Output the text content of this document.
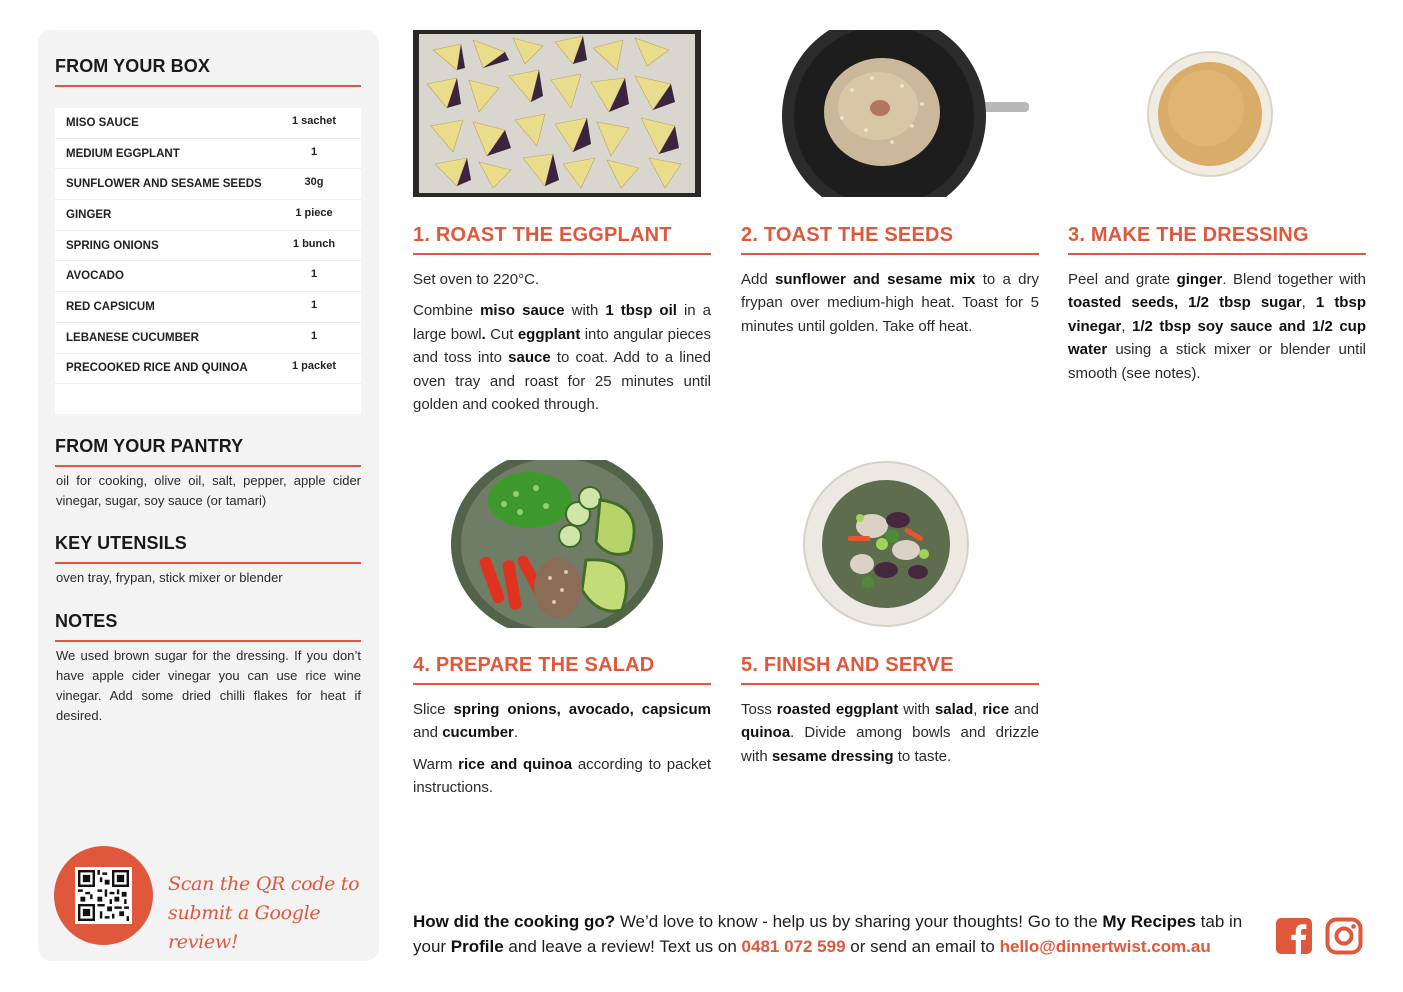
FROM YOUR BOX
MISO SAUCE	1 sachet
MEDIUM EGGPLANT	1
SUNFLOWER AND SESAME SEEDS	30g
GINGER	1 piece
SPRING ONIONS	1 bunch
AVOCADO	1
RED CAPSICUM	1
LEBANESE CUCUMBER	1
PRECOOKED RICE AND QUINOA	1 packet
FROM YOUR PANTRY
oil for cooking, olive oil, salt, pepper, apple cider vinegar, sugar, soy sauce (or tamari)
KEY UTENSILS
oven tray, frypan, stick mixer or blender
NOTES
We used brown sugar for the dressing. If you don’t have apple cider vinegar you can use rice wine vinegar. Add some dried chilli flakes for heat if desired.
Scan the QR code to
submit a Google review!
1. ROAST THE EGGPLANT

Set oven to 220°C.

Combine miso sauce with 1 tbsp oil in a large bowl. Cut eggplant into angular pieces and toss into sauce to coat. Add to a lined oven tray and roast for 25 minutes until golden and cooked through.

2. TOAST THE SEEDS

Add sunflower and sesame mix to a dry frypan over medium-high heat. Toast for 5 minutes until golden. Take off heat.

3. MAKE THE DRESSING

Peel and grate ginger. Blend together with toasted seeds, 1/2 tbsp sugar, 1 tbsp vinegar, 1/2 tbsp soy sauce and 1/2 cup water using a stick mixer or blender until smooth (see notes).

4. PREPARE THE SALAD

Slice spring onions, avocado, capsicum and cucumber.

Warm rice and quinoa according to packet instructions.

5. FINISH AND SERVE

Toss roasted eggplant with salad, rice and quinoa. Divide among bowls and drizzle with sesame dressing to taste.

How did the cooking go? We’d love to know - help us by sharing your thoughts! Go to the My Recipes tab in your Profile and leave a review! Text us on 0481 072 599 or send an email to hello@dinnertwist.com.au
